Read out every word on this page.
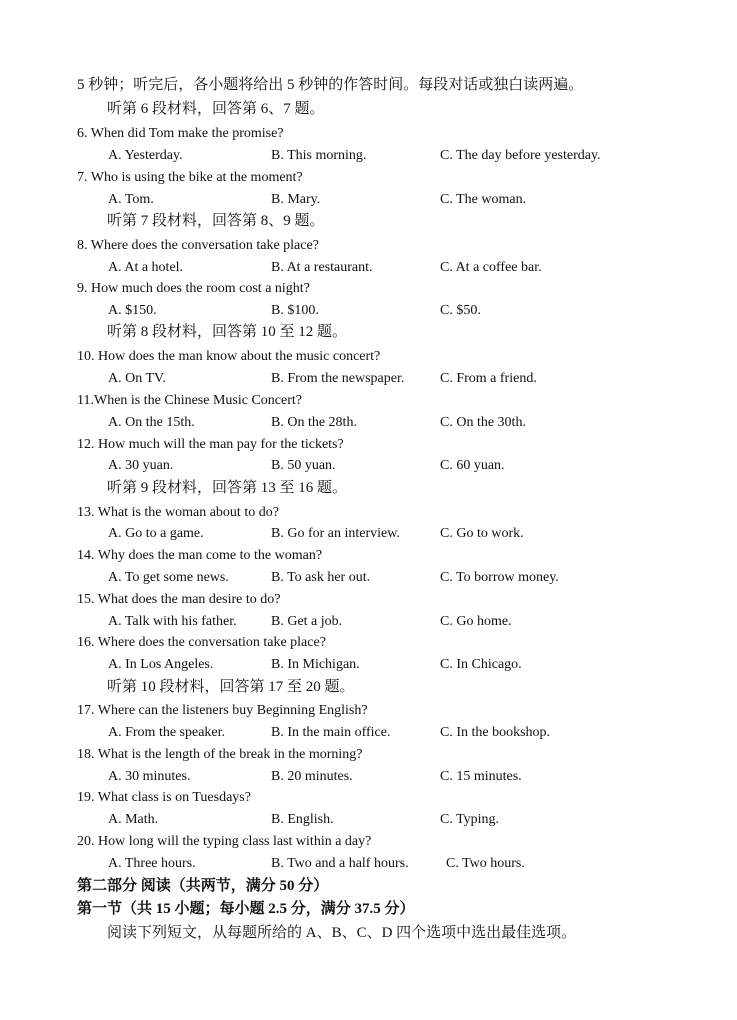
5 秒钟；听完后，各小题将给出 5 秒钟的作答时间。每段对话或独白读两遍。
听第 6 段材料，回答第 6、7 题。
6. When did Tom make the promise?
A. Yesterday.	B. This morning.	C. The day before yesterday.
7. Who is using the bike at the moment?
A. Tom.	B. Mary.	C. The woman.
听第 7 段材料，回答第 8、9 题。
8. Where does the conversation take place?
A. At a hotel.	B. At a restaurant.	C. At a coffee bar.
9. How much does the room cost a night?
A. $150.	B. $100.	C. $50.
听第 8 段材料，回答第 10 至 12 题。
10. How does the man know about the music concert?
A. On TV.	B. From the newspaper.	C. From a friend.
11.When is the Chinese Music Concert?
A. On the 15th.	B. On the 28th.	C. On the 30th.
12. How much will the man pay for the tickets?
A. 30 yuan.	B. 50 yuan.	C. 60 yuan.
听第 9 段材料，回答第 13 至 16 题。
13. What is the woman about to do?
A. Go to a game.	B. Go for an interview.	C. Go to work.
14. Why does the man come to the woman?
A. To get some news.	B. To ask her out.	C. To borrow money.
15. What does the man desire to do?
A. Talk with his father. B. Get a job.	C. Go home.
16. Where does the conversation take place?
A. In Los Angeles.	B. In Michigan.	C. In Chicago.
听第 10 段材料，回答第 17 至 20 题。
17. Where can the listeners buy Beginning English?
A. From the speaker.	B. In the main office.	C. In the bookshop.
18. What is the length of the break in the morning?
A. 30 minutes.	B. 20 minutes.	C. 15 minutes.
19. What class is on Tuesdays?
A. Math.	B. English.	C. Typing.
20. How long will the typing class last within a day?
A. Three hours.	B. Two and a half hours.	C. Two hours.
第二部分 阅读（共两节，满分 50 分）
第一节（共 15 小题；每小题 2.5 分，满分 37.5 分）
阅读下列短文，从每题所给的 A、B、C、D 四个选项中选出最佳选项。
